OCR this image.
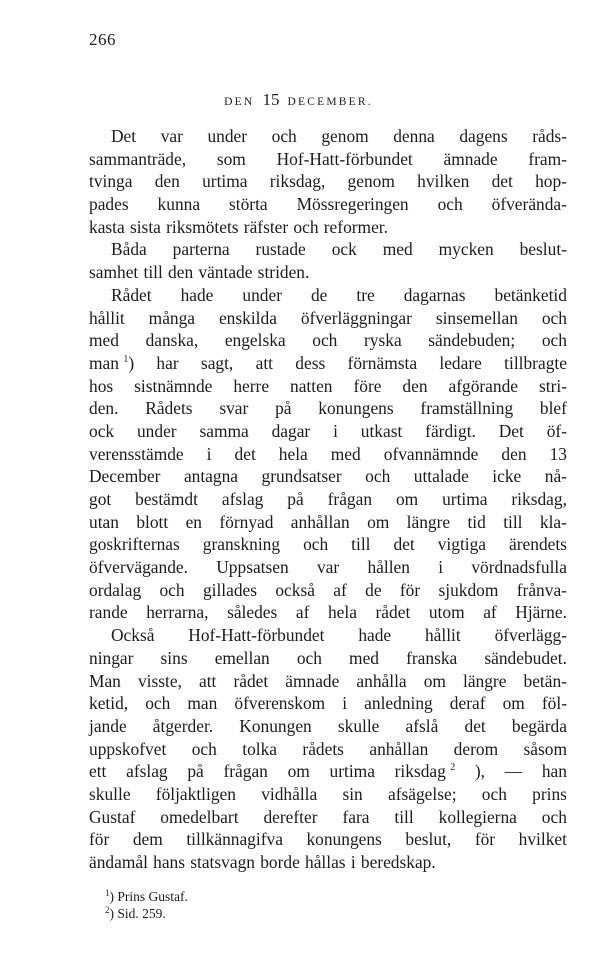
266
DEN 15 DECEMBER.
Det var under och genom denna dagens råds-
sammanträde, som Hof-Hatt-förbundet ämnade fram-
tvinga den urtima riksdag, genom hvilken det hop-
pades kunna störta Mössregeringen och öfverända-
kasta sista riksmötets räfster och reformer.
Båda parterna rustade ock med mycken beslut-
samhet till den väntade striden.
Rådet hade under de tre dagarnas betänketid
hållit många enskilda öfverläggningar sinsemellan och
med danska, engelska och ryska sändebuden; och
man $^1$) har sagt, att dess förnämsta ledare tillbragte
hos sistnämnde herre natten före den afgörande stri-
den. Rådets svar på konungens framställning blef
ock under samma dagar i utkast färdigt. Det öf-
verensstämde i det hela med ofvannämnde den 13
December antagna grundsatser och uttalade icke nå-
got bestämdt afslag på frågan om urtima riksdag,
utan blott en förnyad anhållan om längre tid till kla-
goskrifternas granskning och till det vigtiga ärendets
öfvervägande. Uppsatsen var hållen i vördnadsfulla
ordalag och gillades också af de för sjukdom frånva-
rande herrarna, således af hela rådet utom af Hjärne.
Också Hof-Hatt-förbundet hade hållit öfverlägg-
ningar sins emellan och med franska sändebudet.
Man visste, att rådet ämnade anhålla om längre betän-
ketid, och man öfverenskom i anledning deraf om föl-
jande åtgerder. Konungen skulle afslå det begärda
uppskofvet och tolka rådets anhållan derom såsom
ett afslag på frågan om urtima riksdag $^2$ ), — han
skulle följaktligen vidhålla sin afsägelse; och prins
Gustaf omedelbart derefter fara till kollegierna och
för dem tillkännagifva konungens beslut, för hvilket
ändamål hans statsvagn borde hållas i beredskap.
$^1$) Prins Gustaf.
$^2$) Sid. 259.
